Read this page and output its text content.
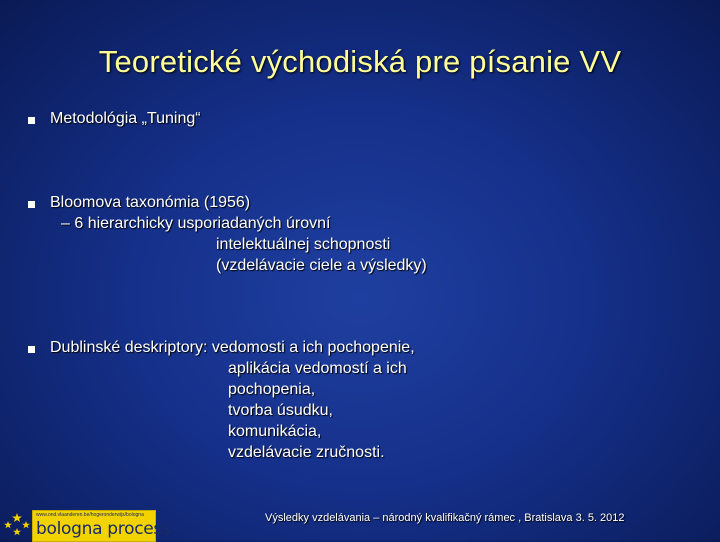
Teoretické východiská pre písanie VV
Metodológia „Tuning“
Bloomova taxonómia (1956)
– 6 hierarchicky usporiadaných úrovní
intelektuálnej schopnosti
(vzdelávacie ciele a výsledky)
Dublinské deskriptory: vedomosti a ich pochopenie,
aplikácia vedomostí a ich
pochopenia,
tvorba úsudku,
komunikácia,
vzdelávacie zručnosti.
www.ond.vlaanderen.be/hogeronderwijs/bologna
bologna process
Výsledky vzdelávania – národný kvalifikačný rámec , Bratislava 3. 5. 2012
